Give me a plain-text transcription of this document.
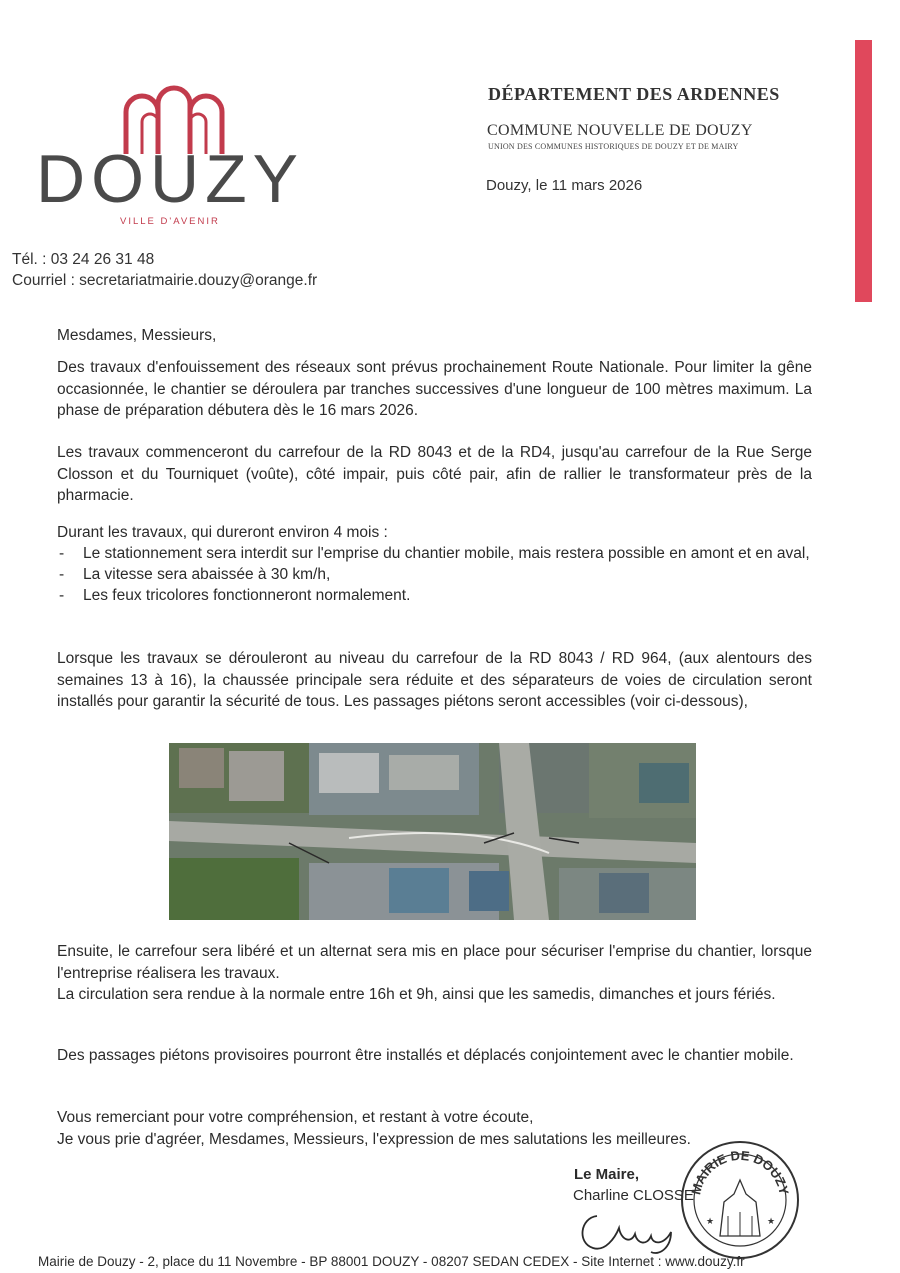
DOUZY
VILLE D'AVENIR
DÉPARTEMENT DES ARDENNES
COMMUNE NOUVELLE DE DOUZY
UNION DES COMMUNES HISTORIQUES DE DOUZY ET DE MAIRY
Douzy, le 11 mars 2026
Tél. : 03 24 26 31 48
Courriel : secretariatmairie.douzy@orange.fr
Mesdames, Messieurs,
Des travaux d'enfouissement des réseaux sont prévus prochainement Route Nationale. Pour limiter la gêne occasionnée, le chantier se déroulera par tranches successives d'une longueur de 100 mètres maximum. La phase de préparation débutera dès le 16 mars 2026.
Les travaux commenceront du carrefour de la RD 8043 et de la RD4, jusqu'au carrefour de la Rue Serge Closson et du Tourniquet (voûte), côté impair, puis côté pair, afin de rallier le transformateur près de la pharmacie.
Durant les travaux, qui dureront environ 4 mois :
- Le stationnement sera interdit sur l'emprise du chantier mobile, mais restera possible en amont et en aval,
- La vitesse sera abaissée à 30 km/h,
- Les feux tricolores fonctionneront normalement.
Lorsque les travaux se dérouleront au niveau du carrefour de la RD 8043 / RD 964, (aux alentours des semaines 13 à 16), la chaussée principale sera réduite et des séparateurs de voies de circulation seront installés pour garantir la sécurité de tous. Les passages piétons seront accessibles (voir ci-dessous),

Ensuite, le carrefour sera libéré et un alternat sera mis en place pour sécuriser l'emprise du chantier, lorsque l'entreprise réalisera les travaux.

La circulation sera rendue à la normale entre 16h et 9h, ainsi que les samedis, dimanches et jours fériés.

Des passages piétons provisoires pourront être installés et déplacés conjointement avec le chantier mobile.

Vous remerciant pour votre compréhension, et restant à votre écoute,

Je vous prie d'agréer, Mesdames, Messieurs, l'expression de mes salutations les meilleures.

Le Maire,
Charline CLOSSE
MAIRIE DE DOUZY
★	★
Mairie de Douzy - 2, place du 11 Novembre - BP 88001 DOUZY - 08207 SEDAN CEDEX - Site Internet : www.douzy.fr
